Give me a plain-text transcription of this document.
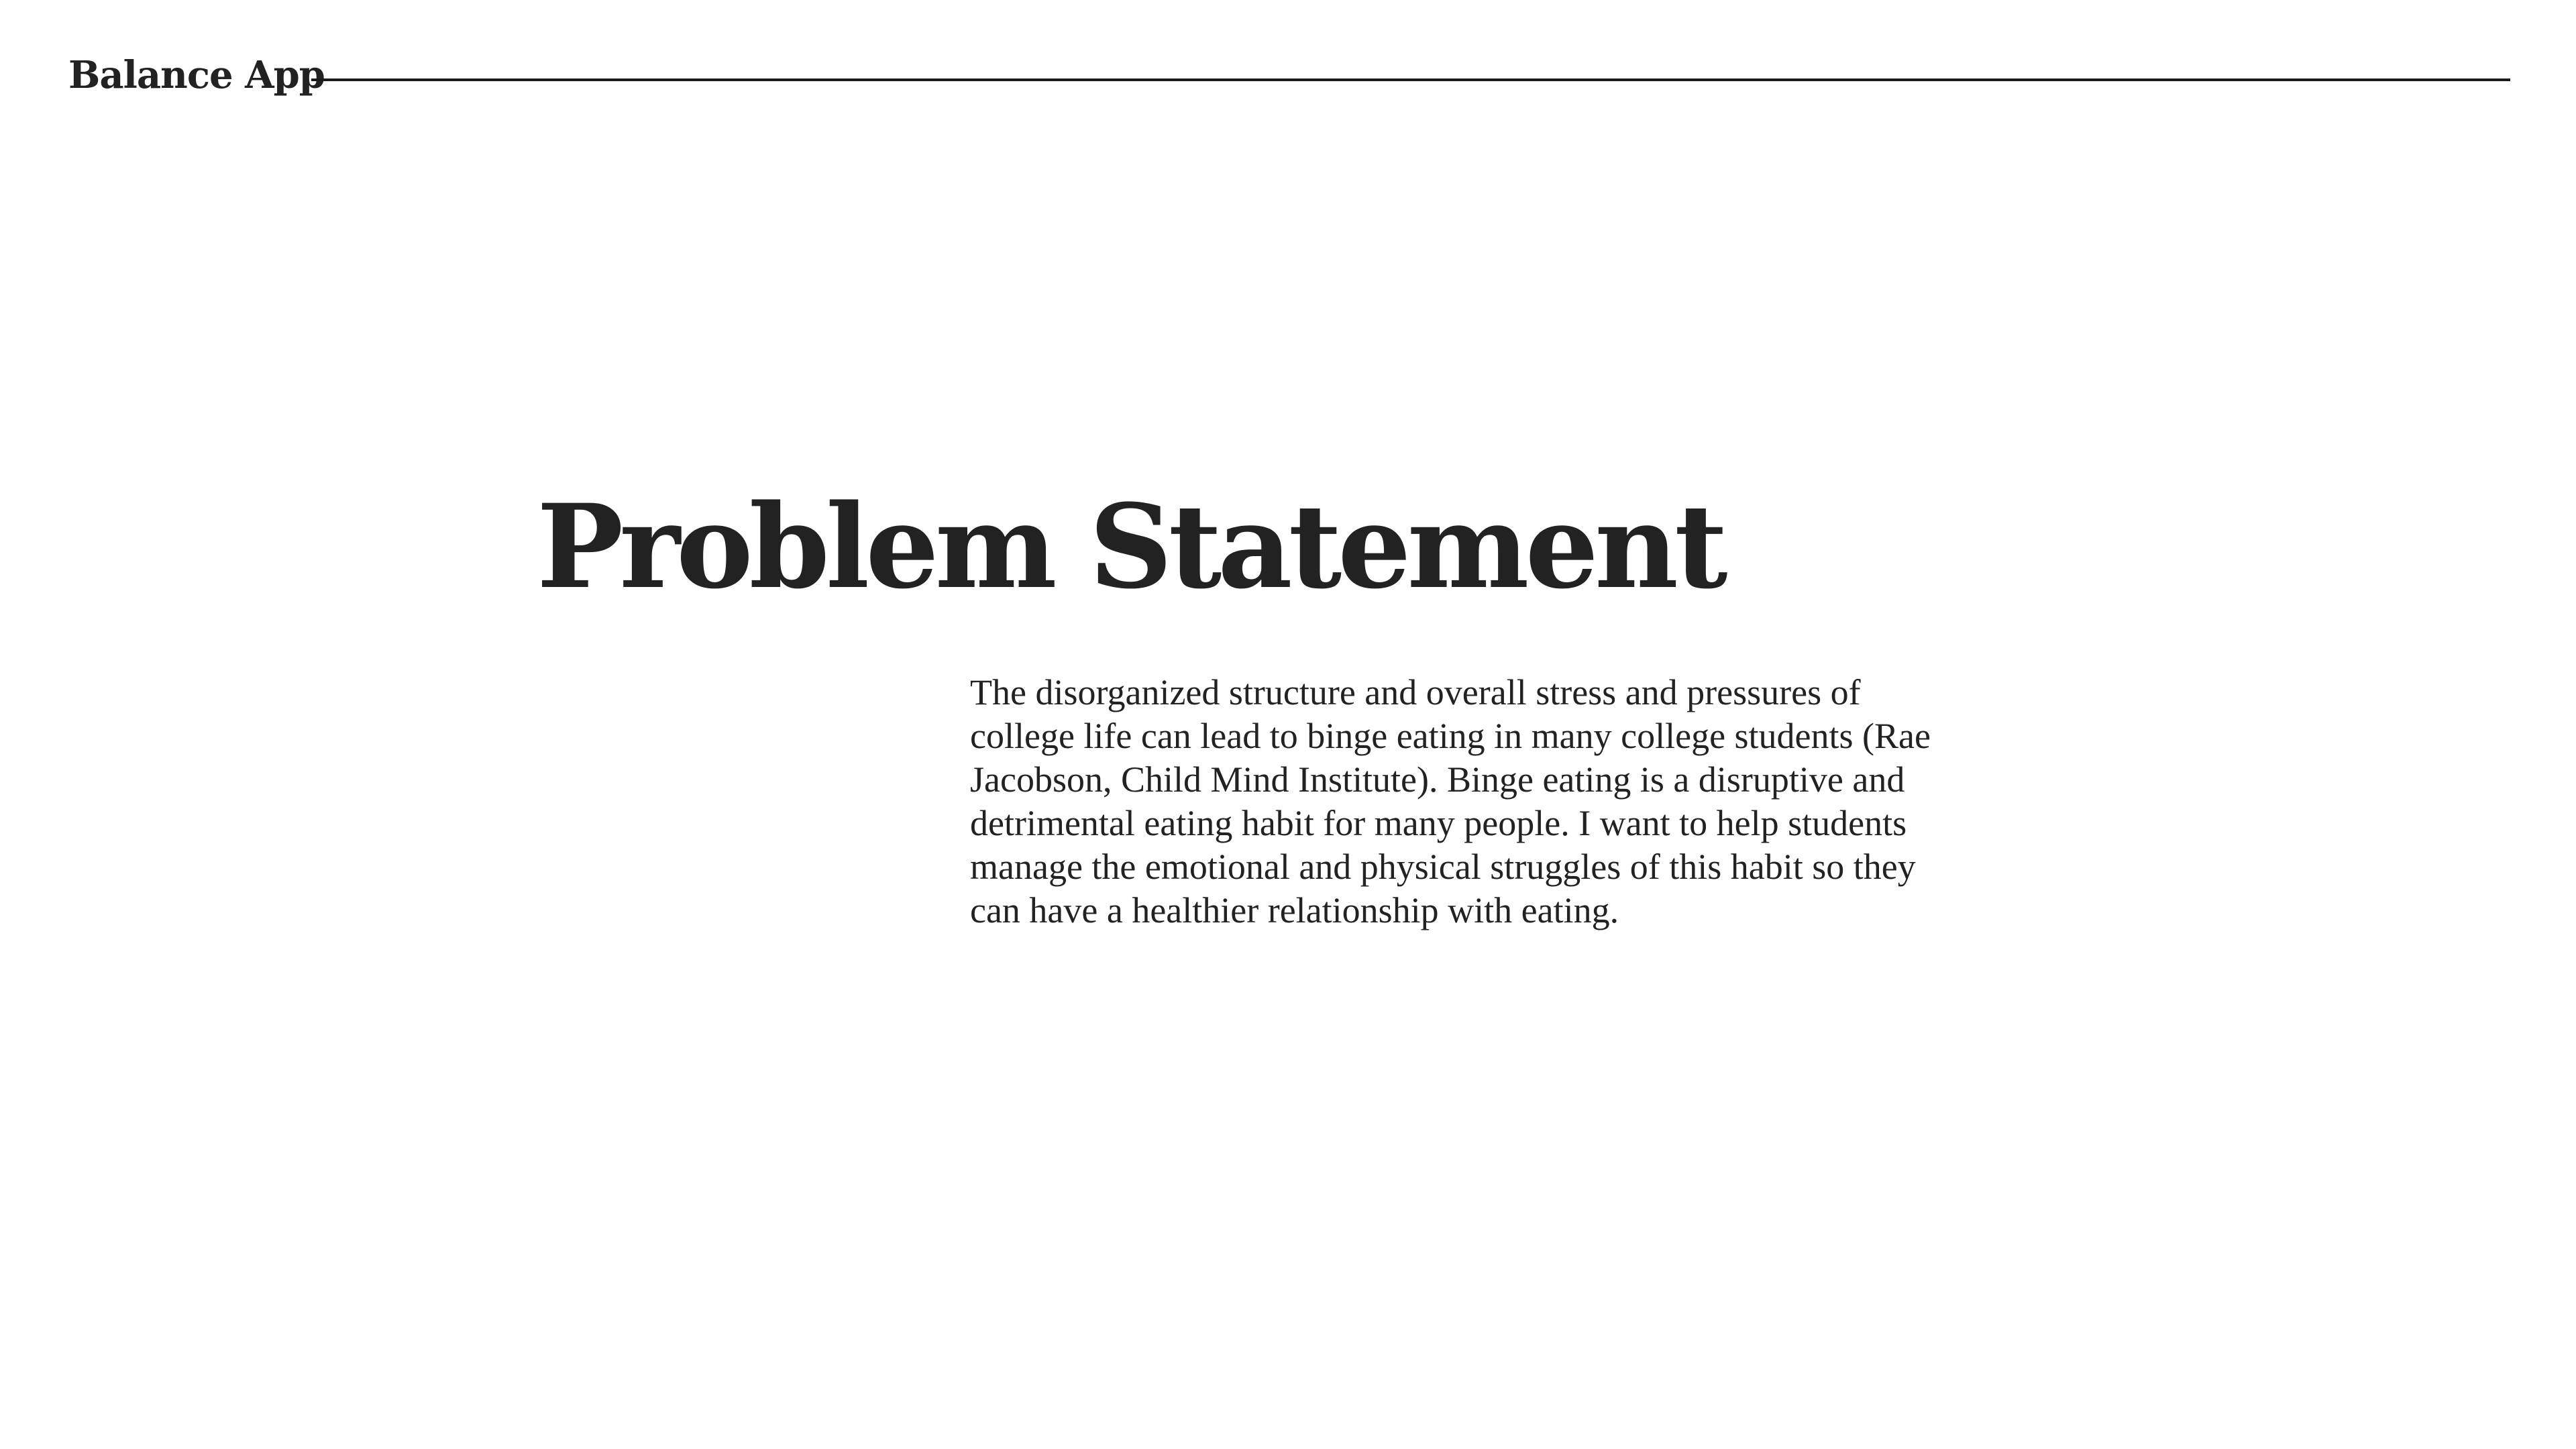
Balance App
Problem Statement

The disorganized structure and overall stress and pressures of college life can lead to binge eating in many college students (Rae Jacobson, Child Mind Institute). Binge eating is a disruptive and detrimental eating habit for many people. I want to help students manage the emotional and physical struggles of this habit so they can have a healthier relationship with eating.
